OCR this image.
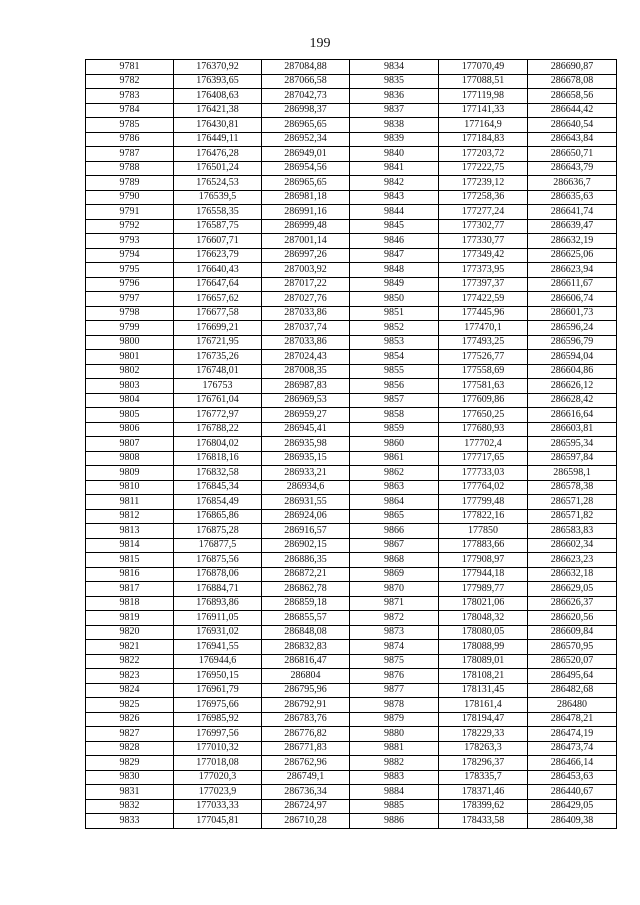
199
9781	176370,92	287084,88	9834	177070,49	286690,87
9782	176393,65	287066,58	9835	177088,51	286678,08
9783	176408,63	287042,73	9836	177119,98	286658,56
9784	176421,38	286998,37	9837	177141,33	286644,42
9785	176430,81	286965,65	9838	177164,9	286640,54
9786	176449,11	286952,34	9839	177184,83	286643,84
9787	176476,28	286949,01	9840	177203,72	286650,71
9788	176501,24	286954,56	9841	177222,75	286643,79
9789	176524,53	286965,65	9842	177239,12	286636,7
9790	176539,5	286981,18	9843	177258,36	286635,63
9791	176558,35	286991,16	9844	177277,24	286641,74
9792	176587,75	286999,48	9845	177302,77	286639,47
9793	176607,71	287001,14	9846	177330,77	286632,19
9794	176623,79	286997,26	9847	177349,42	286625,06
9795	176640,43	287003,92	9848	177373,95	286623,94
9796	176647,64	287017,22	9849	177397,37	286611,67
9797	176657,62	287027,76	9850	177422,59	286606,74
9798	176677,58	287033,86	9851	177445,96	286601,73
9799	176699,21	287037,74	9852	177470,1	286596,24
9800	176721,95	287033,86	9853	177493,25	286596,79
9801	176735,26	287024,43	9854	177526,77	286594,04
9802	176748,01	287008,35	9855	177558,69	286604,86
9803	176753	286987,83	9856	177581,63	286626,12
9804	176761,04	286969,53	9857	177609,86	286628,42
9805	176772,97	286959,27	9858	177650,25	286616,64
9806	176788,22	286945,41	9859	177680,93	286603,81
9807	176804,02	286935,98	9860	177702,4	286595,34
9808	176818,16	286935,15	9861	177717,65	286597,84
9809	176832,58	286933,21	9862	177733,03	286598,1
9810	176845,34	286934,6	9863	177764,02	286578,38
9811	176854,49	286931,55	9864	177799,48	286571,28
9812	176865,86	286924,06	9865	177822,16	286571,82
9813	176875,28	286916,57	9866	177850	286583,83
9814	176877,5	286902,15	9867	177883,66	286602,34
9815	176875,56	286886,35	9868	177908,97	286623,23
9816	176878,06	286872,21	9869	177944,18	286632,18
9817	176884,71	286862,78	9870	177989,77	286629,05
9818	176893,86	286859,18	9871	178021,06	286626,37
9819	176911,05	286855,57	9872	178048,32	286620,56
9820	176931,02	286848,08	9873	178080,05	286609,84
9821	176941,55	286832,83	9874	178088,99	286570,95
9822	176944,6	286816,47	9875	178089,01	286520,07
9823	176950,15	286804	9876	178108,21	286495,64
9824	176961,79	286795,96	9877	178131,45	286482,68
9825	176975,66	286792,91	9878	178161,4	286480
9826	176985,92	286783,76	9879	178194,47	286478,21
9827	176997,56	286776,82	9880	178229,33	286474,19
9828	177010,32	286771,83	9881	178263,3	286473,74
9829	177018,08	286762,96	9882	178296,37	286466,14
9830	177020,3	286749,1	9883	178335,7	286453,63
9831	177023,9	286736,34	9884	178371,46	286440,67
9832	177033,33	286724,97	9885	178399,62	286429,05
9833	177045,81	286710,28	9886	178433,58	286409,38
